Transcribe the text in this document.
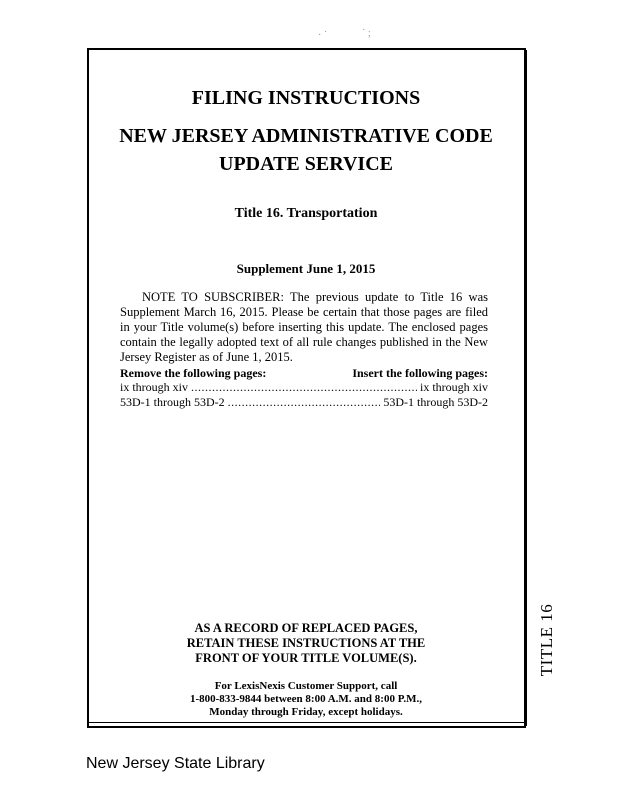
· ˙	˙ ;
FILING INSTRUCTIONS
NEW JERSEY ADMINISTRATIVE CODE
UPDATE SERVICE
Title 16. Transportation
Supplement June 1, 2015
NOTE TO SUBSCRIBER: The previous update to Title 16 was Supplement March 16, 2015. Please be certain that those pages are filed in your Title volume(s) before inserting this update. The enclosed pages contain the legally adopted text of all rule changes published in the New Jersey Register as of June 1, 2015.
Remove the following pages:	Insert the following pages:
ix through xiv .....	ix through xiv
53D-1 through 53D-2 .....	53D-1 through 53D-2
AS A RECORD OF REPLACED PAGES,
RETAIN THESE INSTRUCTIONS AT THE
FRONT OF YOUR TITLE VOLUME(S).
For LexisNexis Customer Support, call
1-800-833-9844 between 8:00 A.M. and 8:00 P.M.,
Monday through Friday, except holidays.
TITLE 16
New Jersey State Library
